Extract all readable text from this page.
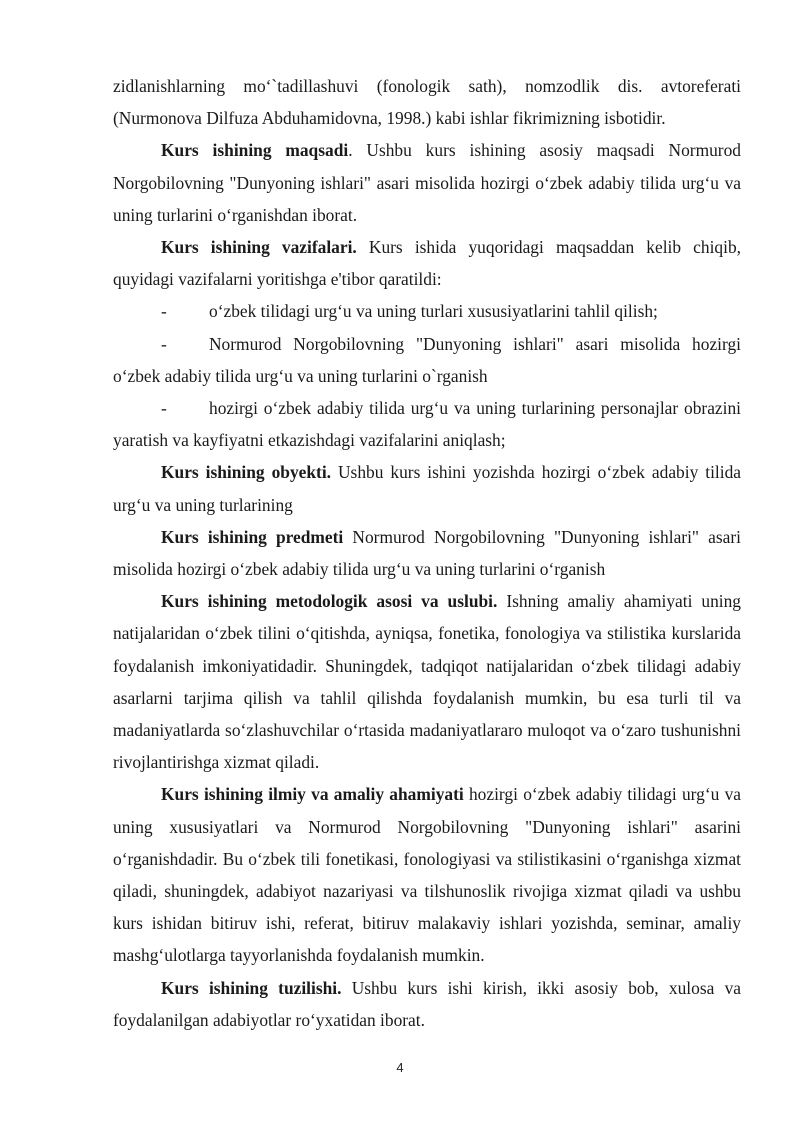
zidlanishlarning mo‘`tadillashuvi (fonologik sath), nomzodlik dis. avtoreferati (Nurmonova Dilfuza Abduhamidovna, 1998.) kabi ishlar fikrimizning isbotidir.

Kurs ishining maqsadi. Ushbu kurs ishining asosiy maqsadi Normurod Norgobilovning "Dunyoning ishlari" asari misolida hozirgi o‘zbek adabiy tilida urg‘u va uning turlarini o‘rganishdan iborat.

Kurs ishining vazifalari. Kurs ishida yuqoridagi maqsaddan kelib chiqib, quyidagi vazifalarni yoritishga e'tibor qaratildi:

- o‘zbek tilidagi urg‘u va uning turlari xususiyatlarini tahlil qilish;

- Normurod Norgobilovning "Dunyoning ishlari" asari misolida hozirgi o‘zbek adabiy tilida urg‘u va uning turlarini o`rganish

- hozirgi o‘zbek adabiy tilida urg‘u va uning turlarining personajlar obrazini yaratish va kayfiyatni etkazishdagi vazifalarini aniqlash;

Kurs ishining obyekti. Ushbu kurs ishini yozishda hozirgi o‘zbek adabiy tilida urg‘u va uning turlarining

Kurs ishining predmeti Normurod Norgobilovning "Dunyoning ishlari" asari misolida hozirgi o‘zbek adabiy tilida urg‘u va uning turlarini o‘rganish

Kurs ishining metodologik asosi va uslubi. Ishning amaliy ahamiyati uning natijalaridan o‘zbek tilini o‘qitishda, ayniqsa, fonetika, fonologiya va stilistika kurslarida foydalanish imkoniyatidadir. Shuningdek, tadqiqot natijalaridan o‘zbek tilidagi adabiy asarlarni tarjima qilish va tahlil qilishda foydalanish mumkin, bu esa turli til va madaniyatlarda so‘zlashuvchilar o‘rtasida madaniyatlararo muloqot va o‘zaro tushunishni rivojlantirishga xizmat qiladi.

Kurs ishining ilmiy va amaliy ahamiyati hozirgi o‘zbek adabiy tilidagi urg‘u va uning xususiyatlari va Normurod Norgobilovning "Dunyoning ishlari" asarini o‘rganishdadir. Bu o‘zbek tili fonetikasi, fonologiyasi va stilistikasini o‘rganishga xizmat qiladi, shuningdek, adabiyot nazariyasi va tilshunoslik rivojiga xizmat qiladi va ushbu kurs ishidan bitiruv ishi, referat, bitiruv malakaviy ishlari yozishda, seminar, amaliy mashg‘ulotlarga tayyorlanishda foydalanish mumkin.

Kurs ishining tuzilishi. Ushbu kurs ishi kirish, ikki asosiy bob, xulosa va foydalanilgan adabiyotlar ro‘yxatidan iborat.

4
